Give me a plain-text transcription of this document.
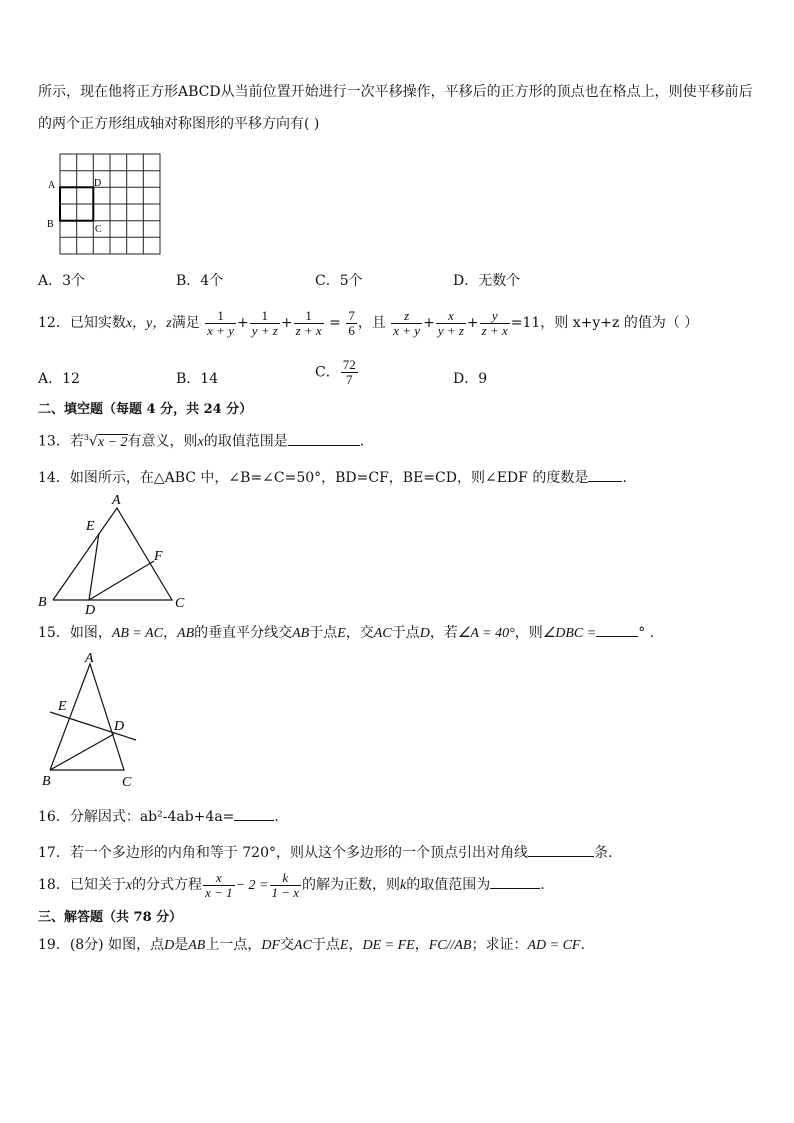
所示，现在他将正方形ABCD从当前位置开始进行一次平移操作，平移后的正方形的顶点也在格点上，则使平移前后
的两个正方形组成轴对称图形的平移方向有( )
A	D
B	C
A．3个	B．4个	C．5个	D．无数个
12．已知实数x，y，z满足 $\frac{1}{x + y} + \frac{1}{y + z} + \frac{1}{z + x} = \frac{7}{6}$ ，且 $\frac{z}{x + y} + \frac{x}{y + z} + \frac{y}{z + x} =11$，则 x+y+z 的值为（ ）
A．12	B．14	C． $\frac{72}{7}$	D．9
二、填空题（每题 4 分，共 24 分）
13．若$^3$√x − 2有意义，则x的取值范围是	.
14．如图所示，在△ABC 中，∠B=∠C=50°，BD=CF，BE=CD，则∠EDF 的度数是 .
A
E
F
B
D	C
15．如图，AB = AC，AB的垂直平分线交AB于点E，交AC于点D，若∠A = 40°，则∠DBC =	° .
A
E
D
B	C
16．分解因式：ab²-4ab+4a=	.
17．若一个多边形的内角和等于 720°，则从这个多边形的一个顶点引出对角线	条.
18．已知关于x的分式方程 $\frac{x}{x - 1} - 2 = \frac{k}{1 - x}$ 的解为正数，则k的取值范围为	.
三、解答题（共 78 分）
19．(8分) 如图，点D是AB上一点，DF交AC于点E，DE = FE，FC//AB；求证：AD = CF.
